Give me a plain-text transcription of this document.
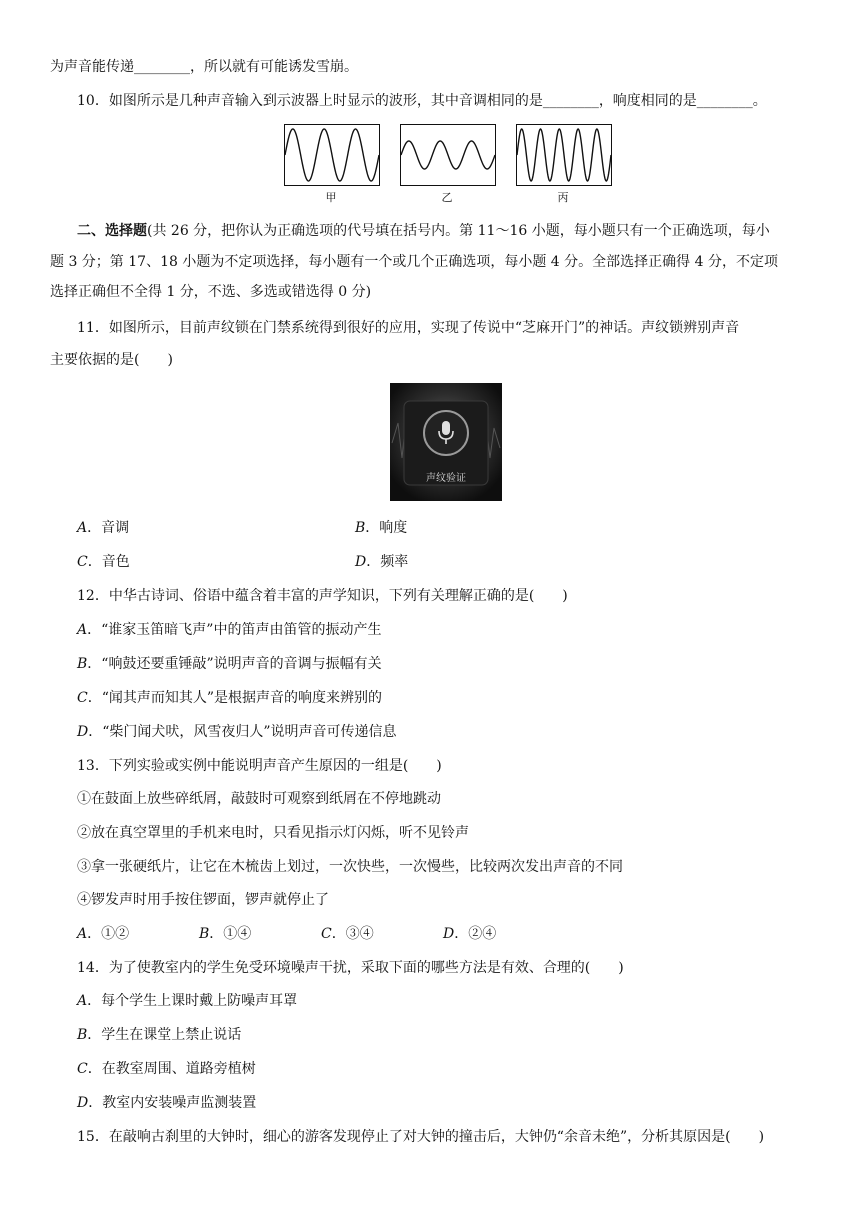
为声音能传递________，所以就有可能诱发雪崩。
10．如图所示是几种声音输入到示波器上时显示的波形，其中音调相同的是________，响度相同的是________。
甲	乙	丙
二、选择题(共 26 分，把你认为正确选项的代号填在括号内。第 11～16 小题，每小题只有一个正确选项，每小
题 3 分；第 17、18 小题为不定项选择，每小题有一个或几个正确选项，每小题 4 分。全部选择正确得 4 分，不定项
选择正确但不全得 1 分，不选、多选或错选得 0 分)
11．如图所示，目前声纹锁在门禁系统得到很好的应用，实现了传说中“芝麻开门”的神话。声纹锁辨别声音
主要依据的是(　　)
声纹验证
A．音调	B．响度
C．音色	D．频率
12．中华古诗词、俗语中蕴含着丰富的声学知识，下列有关理解正确的是(　　)
A．“谁家玉笛暗飞声”中的笛声由笛管的振动产生
B．“响鼓还要重锤敲”说明声音的音调与振幅有关
C．“闻其声而知其人”是根据声音的响度来辨别的
D．“柴门闻犬吠，风雪夜归人”说明声音可传递信息
13．下列实验或实例中能说明声音产生原因的一组是(　　)
①在鼓面上放些碎纸屑，敲鼓时可观察到纸屑在不停地跳动
②放在真空罩里的手机来电时，只看见指示灯闪烁，听不见铃声
③拿一张硬纸片，让它在木梳齿上划过，一次快些，一次慢些，比较两次发出声音的不同
④锣发声时用手按住锣面，锣声就停止了
A．①②	B．①④	C．③④	D．②④
14．为了使教室内的学生免受环境噪声干扰，采取下面的哪些方法是有效、合理的(　　)
A．每个学生上课时戴上防噪声耳罩
B．学生在课堂上禁止说话
C．在教室周围、道路旁植树
D．教室内安装噪声监测装置
15．在敲响古刹里的大钟时，细心的游客发现停止了对大钟的撞击后，大钟仍“余音未绝”，分析其原因是(　　)
